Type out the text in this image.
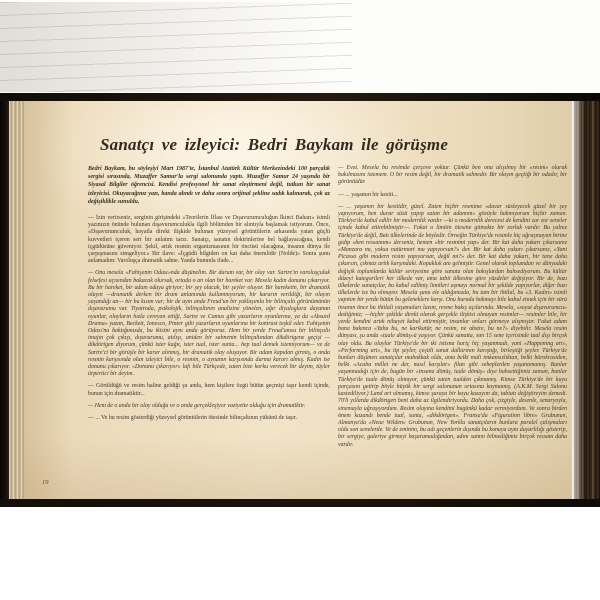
Sanatçı ve izleyici: Bedri Baykam ile görüşme

Bedri Baykam, bu söyleşiyi Mart 1987'te, İstanbul Atatürk Kültür Merkezindeki 100 parçalık sergisi sırasında, Muzaffer Samur'la sergi salonunda yaptı. Muzaffer Samur 24 yaşında bir Siyasal Bilgiler öğrencisi. Kendisi profesyonel bir sanat eleştirmeni değil, tutkun bir sanat izleyicisi. Okuyacağınız yazı, banda alındı ve daha sonra orijinal şekline sadık kalınarak, çok az değişiklikle sunuldu.

— İzin verirseniz, serginin girişindeki «Teorilerin İflası ve Dışavurumculuğun İkinci Baharı» isimli yazınızın önünde bulunan dışavurumculukla ilgili bölümden bir alıntıyla başlamak istiyorum. Önce, «Dışavurumculuk, hayatla direkt ilişkide bulunan yüzeysel görüntülerin arkasında yatan güçlü kuvvetleri içeren sert bir anlatım tarzı. Sanatçı, sanatın doktrinlerine bel bağlayacağına, kendi içgüdüsüne güveniyor. Şekil, artık resmin organizmasının bir öncüsü olacağına, insanın dünya ile çarpışmasını simgeliyor.» Bir ilave: «İçgüdü bilgiden on kat daha önemlidir (Nolde)» Sonra şunu anlamadım: Varoluşça dramatik sahne. Yanda bununla ifade...

— Onu mesela «Fahişenin Odası»nda düşünelim. Bir durum var, bir olay var. Sartre'ın varoluşçuluk felsefesi açısından bakacak olursak, ortada o an olan bir hareket var. Mesela kadın donunu çıkarıyor. Bu bir hareket, bir adam odaya giriyor; bir şey olacak, bir şeyler oluyor. Bir hareketin, bir dramatik olayın —dramatik derken bir dram anlamında kullanmıyorum, bir kararın verildiği, bir olayın yaşandığı an— bir bu kısım var; bir de aynı anda Freud'un bir yaklaşımla bir bilinçaltı görünümünün dışavurumu var. Tiyatroda, psikolojik, bilinçaltının analizine yönelen, ağır diyaloglara dayanan oyunlar, olayların hızla cereyan ettiği, Sartre ve Camus gibi yazarların oyunlarına, ya da «Absurd Drama» yazan, Beckett, Ionesco, Pinter gibi yazarların oyunlarına bir kontrast teşkil eder. Fahişenin Odası'na baktığımızda, bu ikisini aynı anda görüyoruz. Hem bir yerde Freud'umsu bir bilinçaltı imajın çok çıkışı, dışavurumu, atılışı, aniden bir sahnenin bilinçaltından dikdörtgene geçişi —dikdörtgen diyorum, çünkü ister kağıt, ister tual, ister sunta... hep tual demek istemiyorum— ve de Sartre'ci bir görüşle bir karar alınmış, bir dramatik olay oluşuyor. Bir adam kapıdan girmiş, o anda resmin karşısında olan izleyici bile, o resmin, o aynanın karşısında durma kararı almış. Kadın ise donunu çıkarıyor. «Donunu çıkarıyor» lafı bile Türkçede, zaten bize korku verecek bir deyim, tüyler ürpertici bir deyim.

— Görüldüğü ve resim haline geldiği şu anda, hem kişilere özgü bütün geçmişi taşır kendi içinde, bunun için dramatiktir...

— Hem de o anda bir olay olduğu ve o anda gerçekleşiyor vaziyette olduğu için dramatiktir.

— ... Ve bu resim gösterdiği yüzeysel görüntülerin ötesinde bilinçaltının yükünü de taşır.

— Evet. Mesela bu resimde çerçeve yoktur. Çünkü ben ona alışılmış bir «resim» olarak bakılmasını istemem. O bir resim değil, bir dramatik sahnedir. Bir olayın geçtiği bir odadır, bir görüntüdür.

— ... yaşamın bir kesiti...

— ... yaşamın bir kesitidir, güzel. Zaten hiçbir resmime «duvar süsleyecek güzel bir şey yapıyorum, ben duvar süsü yapıp satan bir adamım» gözüyle bakmıyorum hiçbir zaman. Türkiye'de kabul edilir bir modernlik vardır —ki o modernlik derecesi de kendini zar zor seneler içinde kabul ettirebilmiştir—. Fakat o limitin ötesine gitmekte bir zorluk vardır. Bu yalnız Türkiye'de değil, Batı ülkelerinde de böyledir. Örneğin Türkiye'de resimle hiç uğraşmayan birine gidip «ben ressamım» derseniz, hemen «bir resmimi yap» der. Bir kat daha yukarı çıkarsanız «Manzara mı, yoksa natürmort mu yapıyorsun?» der. Bir kat daha yukarı çıkarsanız, «Yani Picasso gibi modern resim yapıyorsun, değil mi?» der. Bir kat daha yukarı, bir tane daha çıkarsın, çıkmaz artık karşındaki. Kopukluk anı gelmiştir. Genel olarak toplumdan ve dünyadaki değişik toplumlarda kültür seviyesine göre sanata olan bakışlardan bahsediyorum. Bu kültür düzeyi kategorileri her ülkede var, ama tabii ülkesine göre yüzdeler değişiyor. Bir de, bazı ülkelerde sanatçılar, bu kabul edilmiş limitleri aşmayı normal bir şekilde yapıyorlar, diğer bazı ülkelerde ise bu olmuyor. Mesela şunu ele aldığımızda, bu tam bir ihtilal, bu «3. Kadın» isimli yapıtım bir yerde bütün bu geleneklere karşı. Onu burada bakmayı bile kabul etmek için bir sürü insanın önce bu ihtilali yaşamaları lazım, resme bakış açılarında. Mesela, «soyut dışavurumcu» dediğimiz; —hiçbir şekilde direkt olarak gerçekle ilişkisi olmayan resimler— resimler bile, bir yerde kendini artık nihayet kabul ettirmiştir, insanlar onları görmeye alışmıştır. Fakat adam bana bakınca «Yahu bu, ne karikatür, ne resim, ne abstre, bu ne?» diyebilir. Mesela resim dünyası, şu anda «tuale dönüş»ü yaşıyor. Çünkü sanatta, son 15 sene içerisinde tual dışı birçok olay oldu. Bu olaylar Türkiye'de bir iki istisna hariç hiç yaşanmadı, yani «Happening art», «Performing art», bu tip şeyler, çeşitli sanat dallarının karıştığı, birleştiği şeyler. Türkiye'de bunları düşünen sanatçılar muhakkak oldu, ama belki mali imkansızlıktan, belki bürokrasiden, belki «Acaba millet ne der, nasıl karşılar» filan gibi sebeplerden yaşanamamış. Bunlar yaşanmadığı için de, bugün bir «insana dönüş, tuale dönüş» diye bahsettiğimiz zaman, bunlar Türkiye'de tuale dönüş olmuyor, çünkü zaten tualden çıkmamış. Kimse Türkiye'de bir kuyu parçasını getirip böyle büyük bir sergi salonunun ortasına koymamış. (A.K.M. Sergi Salonu kastediliyor.) Land art olmamış, kimse şuraya bir kuyu kazayım da, tabiatı değiştireyim demedi. 70'li yıllarda dikdörtgen beni daha az ilgilendiriyordu. Daha çok, çizgiyle, desenle, senaryoyla, sinemayla uğraşıyordum. Resim olayına kendimi bugünkü kadar vermiyordum. Ve sonra birden önem kazandı bende tual, sunta, «dikdörtgen». Fransa'da «Figuration libre» Grubunun, Almanya'da «Neue Wilden» Grubunun, New Yorklu sanatçıların bunlara paralel çalışmaları oldu son senelerde. Ve de eminim, bu adı geçenlerin dışında bu konuya aynı duyarlılığı gösterip, bir sergiye, galeriye girmeyi başaramadığından, adını sanını bilmediğimiz birçok ressam daha vardır.

19
